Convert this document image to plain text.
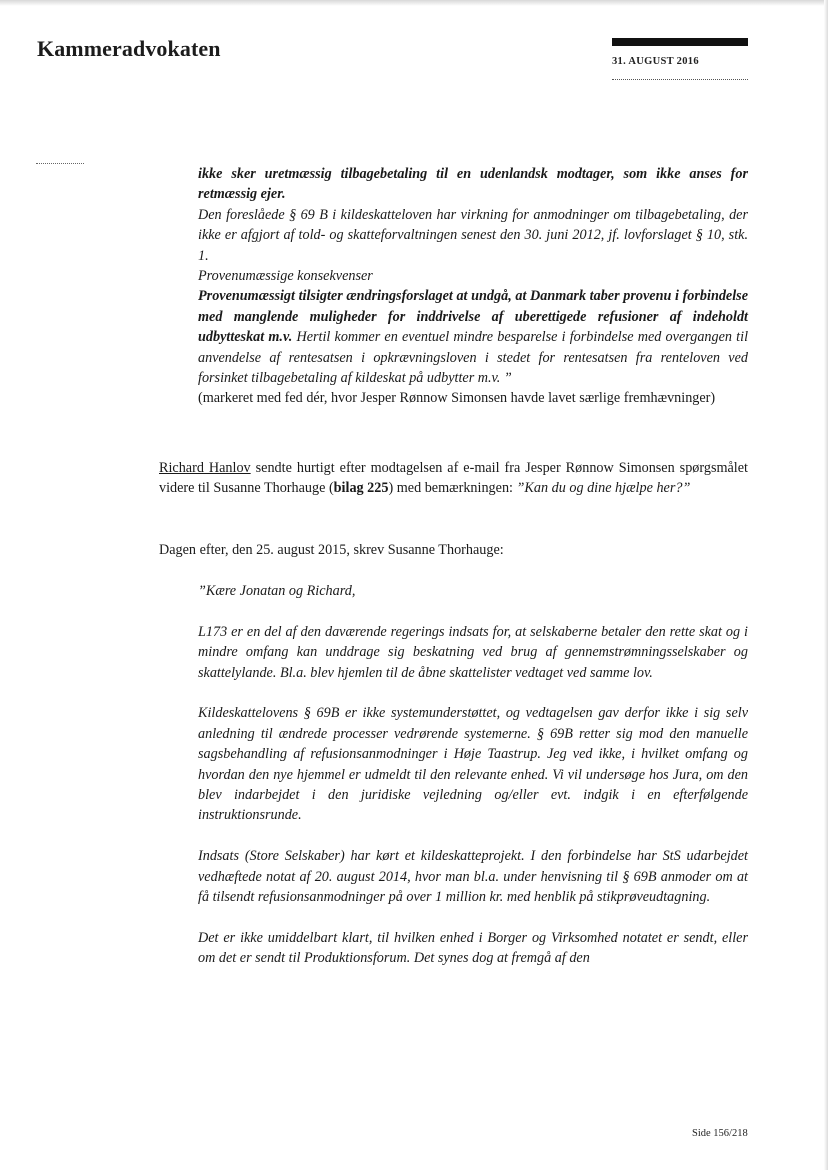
Kammeradvokaten
31. AUGUST 2016

ikke sker uretmæssig tilbagebetaling til en udenlandsk modtager, som ikke anses for retmæssig ejer.

Den foreslåede § 69 B i kildeskatteloven har virkning for anmodninger om tilbagebetaling, der ikke er afgjort af told- og skatteforvaltningen senest den 30. juni 2012, jf. lovforslaget § 10, stk. 1.

Provenumæssige konsekvenser

Provenumæssigt tilsigter ændringsforslaget at undgå, at Danmark taber provenu i forbindelse med manglende muligheder for inddrivelse af uberettigede refusioner af indeholdt udbytteskat m.v. Hertil kommer en eventuel mindre besparelse i forbindelse med overgangen til anvendelse af rentesatsen i opkrævningsloven i stedet for rentesatsen fra renteloven ved forsinket tilbagebetaling af kildeskat på udbytter m.v. ”

(markeret med fed dér, hvor Jesper Rønnow Simonsen havde lavet særlige fremhævninger)

Richard Hanlov sendte hurtigt efter modtagelsen af e-mail fra Jesper Rønnow Simonsen spørgsmålet videre til Susanne Thorhauge (bilag 225) med bemærkningen: ”Kan du og dine hjælpe her?”

Dagen efter, den 25. august 2015, skrev Susanne Thorhauge:

”Kære Jonatan og Richard,

L173 er en del af den daværende regerings indsats for, at selskaberne betaler den rette skat og i mindre omfang kan unddrage sig beskatning ved brug af gennemstrømningsselskaber og skattelylande. Bl.a. blev hjemlen til de åbne skattelister vedtaget ved samme lov.

Kildeskattelovens § 69B er ikke systemunderstøttet, og vedtagelsen gav derfor ikke i sig selv anledning til ændrede processer vedrørende systemerne. § 69B retter sig mod den manuelle sagsbehandling af refusionsanmodninger i Høje Taastrup. Jeg ved ikke, i hvilket omfang og hvordan den nye hjemmel er udmeldt til den relevante enhed. Vi vil undersøge hos Jura, om den blev indarbejdet i den juridiske vejledning og/eller evt. indgik i en efterfølgende instruktionsrunde.

Indsats (Store Selskaber) har kørt et kildeskatteprojekt. I den forbindelse har StS udarbejdet vedhæftede notat af 20. august 2014, hvor man bl.a. under henvisning til § 69B anmoder om at få tilsendt refusionsanmodninger på over 1 million kr. med henblik på stikprøveudtagning.

Det er ikke umiddelbart klart, til hvilken enhed i Borger og Virksomhed notatet er sendt, eller om det er sendt til Produktionsforum. Det synes dog at fremgå af den

Side 156/218
